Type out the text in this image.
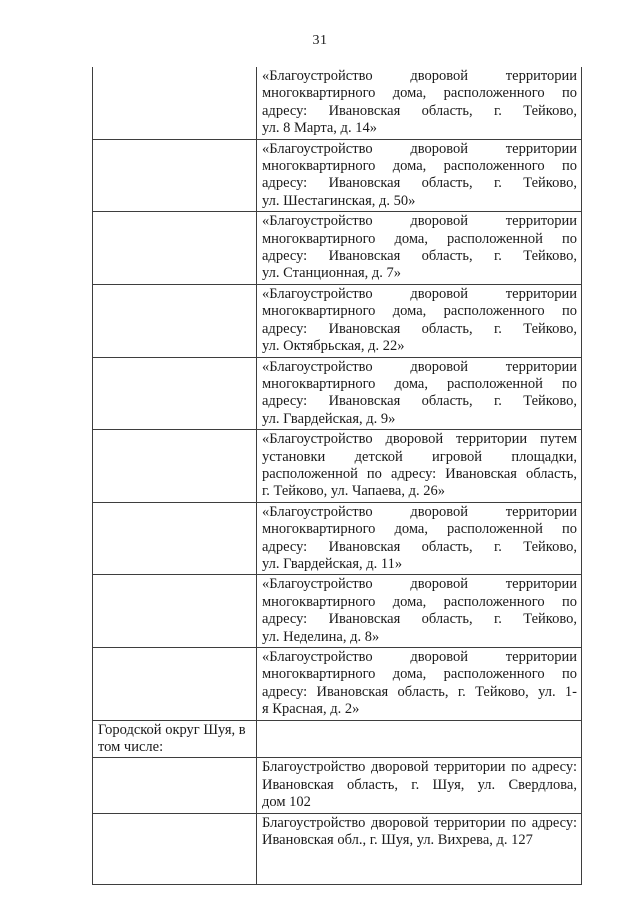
31
	«Благоустройство дворовой территории многоквартирного дома, расположенного по адресу: Ивановская область, г. Тейково, ул. 8 Марта, д. 14»
	«Благоустройство дворовой территории многоквартирного дома, расположенного по адресу: Ивановская область, г. Тейково, ул. Шестагинская, д. 50»
	«Благоустройство дворовой территории многоквартирного дома, расположенной по адресу: Ивановская область, г. Тейково, ул. Станционная, д. 7»
	«Благоустройство дворовой территории многоквартирного дома, расположенного по адресу: Ивановская область, г. Тейково, ул. Октябрьская, д. 22»
	«Благоустройство дворовой территории многоквартирного дома, расположенной по адресу: Ивановская область, г. Тейково, ул. Гвардейская, д. 9»
	«Благоустройство дворовой территории путем установки детской игровой площадки, расположенной по адресу: Ивановская область, г. Тейково, ул. Чапаева, д. 26»
	«Благоустройство дворовой территории многоквартирного дома, расположенной по адресу: Ивановская область, г. Тейково, ул. Гвардейская, д. 11»
	«Благоустройство дворовой территории многоквартирного дома, расположенного по адресу: Ивановская область, г. Тейково, ул. Неделина, д. 8»
	«Благоустройство дворовой территории многоквартирного дома, расположенного по адресу: Ивановская область, г. Тейково, ул. 1-я Красная, д. 2»
Городской округ Шуя, в том числе:	
	Благоустройство дворовой территории по адресу: Ивановская область, г. Шуя, ул. Свердлова, дом 102
	Благоустройство дворовой территории по адресу: Ивановская обл., г. Шуя, ул. Вихрева, д. 127
